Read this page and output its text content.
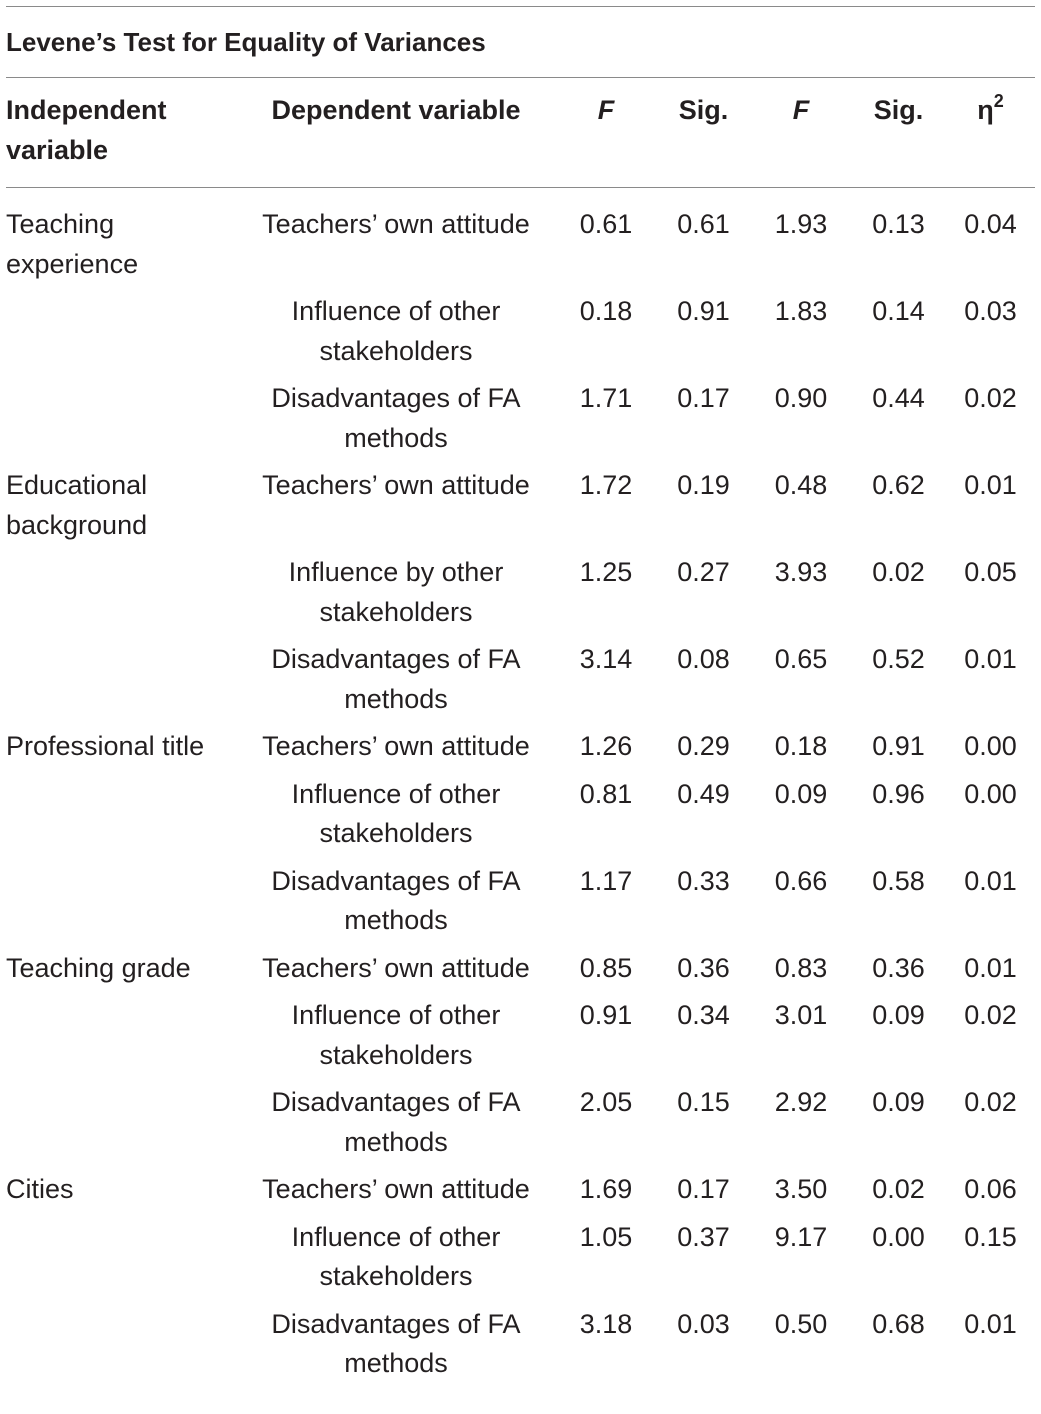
Levene’s Test for Equality of Variances

Independent variable	Dependent variable	F	Sig.	F	Sig.	$\eta^2$
Teaching experience	Teachers’ own attitude	0.61	0.61	1.93	0.13	0.04
	Influence of other stakeholders	0.18	0.91	1.83	0.14	0.03
	Disadvantages of FA methods	1.71	0.17	0.90	0.44	0.02
Educational background	Teachers’ own attitude	1.72	0.19	0.48	0.62	0.01
	Influence by other stakeholders	1.25	0.27	3.93	0.02	0.05
	Disadvantages of FA methods	3.14	0.08	0.65	0.52	0.01
Professional title	Teachers’ own attitude	1.26	0.29	0.18	0.91	0.00
	Influence of other stakeholders	0.81	0.49	0.09	0.96	0.00
	Disadvantages of FA methods	1.17	0.33	0.66	0.58	0.01
Teaching grade	Teachers’ own attitude	0.85	0.36	0.83	0.36	0.01
	Influence of other stakeholders	0.91	0.34	3.01	0.09	0.02
	Disadvantages of FA methods	2.05	0.15	2.92	0.09	0.02
Cities	Teachers’ own attitude	1.69	0.17	3.50	0.02	0.06
	Influence of other stakeholders	1.05	0.37	9.17	0.00	0.15
	Disadvantages of FA methods	3.18	0.03	0.50	0.68	0.01
